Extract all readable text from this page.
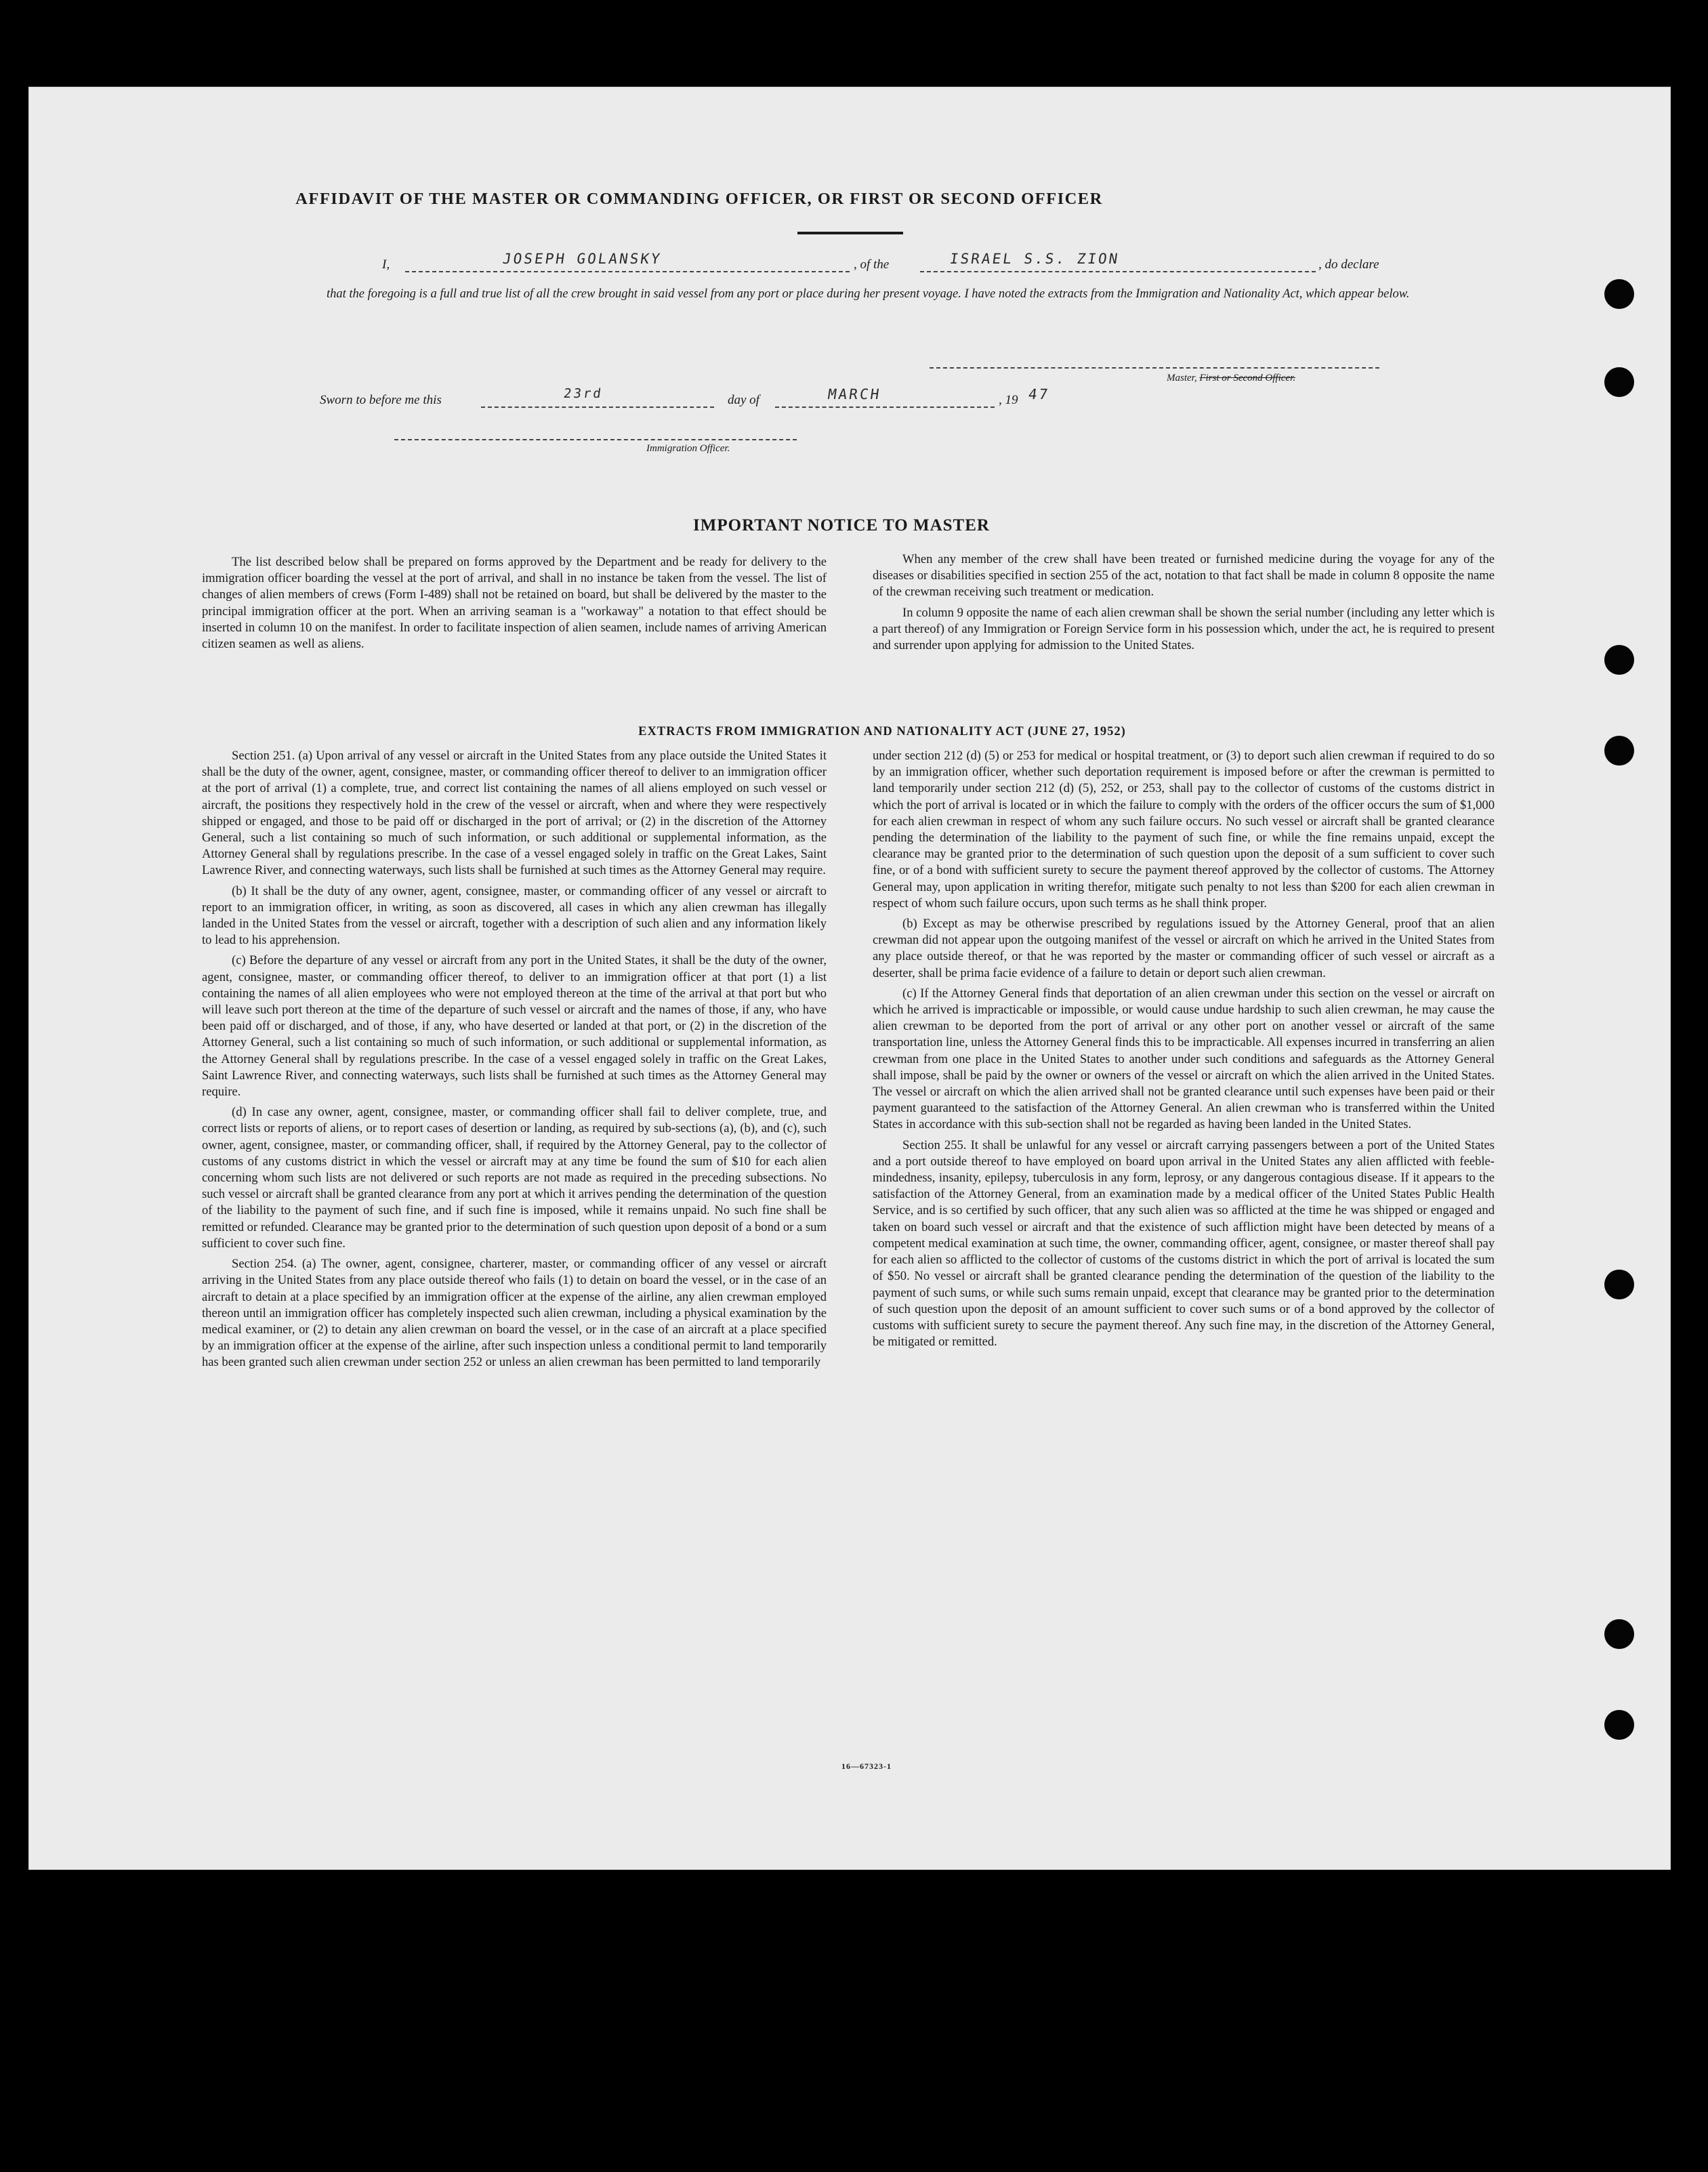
AFFIDAVIT OF THE MASTER OR COMMANDING OFFICER, OR FIRST OR SECOND OFFICER
I,	JOSEPH GOLANSKY	, of the	ISRAEL S.S. ZION	, do declare
that the foregoing is a full and true list of all the crew brought in said vessel from any port or place during her present voyage. I have noted the extracts from the Immigration and Nationality Act, which appear below.
Master, First or Second Officer.
Sworn to before me this	23rd	day of	MARCH	, 19 47
Immigration Officer.
IMPORTANT NOTICE TO MASTER

The list described below shall be prepared on forms approved by the Department and be ready for delivery to the immigration officer boarding the vessel at the port of arrival, and shall in no instance be taken from the vessel. The list of changes of alien members of crews (Form I-489) shall not be retained on board, but shall be delivered by the master to the principal immigration officer at the port. When an arriving seaman is a "workaway" a notation to that effect should be inserted in column 10 on the manifest. In order to facilitate inspection of alien seamen, include names of arriving American citizen seamen as well as aliens.

When any member of the crew shall have been treated or furnished medicine during the voyage for any of the diseases or disabilities specified in section 255 of the act, notation to that fact shall be made in column 8 opposite the name of the crewman receiving such treatment or medication.

In column 9 opposite the name of each alien crewman shall be shown the serial number (including any letter which is a part thereof) of any Immigration or Foreign Service form in his possession which, under the act, he is required to present and surrender upon applying for admission to the United States.

EXTRACTS FROM IMMIGRATION AND NATIONALITY ACT (JUNE 27, 1952)

Section 251. (a) Upon arrival of any vessel or aircraft in the United States from any place outside the United States it shall be the duty of the owner, agent, consignee, master, or commanding officer thereof to deliver to an immigration officer at the port of arrival (1) a complete, true, and correct list containing the names of all aliens employed on such vessel or aircraft, the positions they respectively hold in the crew of the vessel or aircraft, when and where they were respectively shipped or engaged, and those to be paid off or discharged in the port of arrival; or (2) in the discretion of the Attorney General, such a list containing so much of such information, or such additional or supplemental information, as the Attorney General shall by regulations prescribe. In the case of a vessel engaged solely in traffic on the Great Lakes, Saint Lawrence River, and connecting waterways, such lists shall be furnished at such times as the Attorney General may require.

(b) It shall be the duty of any owner, agent, consignee, master, or commanding officer of any vessel or aircraft to report to an immigration officer, in writing, as soon as discovered, all cases in which any alien crewman has illegally landed in the United States from the vessel or aircraft, together with a description of such alien and any information likely to lead to his apprehension.

(c) Before the departure of any vessel or aircraft from any port in the United States, it shall be the duty of the owner, agent, consignee, master, or commanding officer thereof, to deliver to an immigration officer at that port (1) a list containing the names of all alien employees who were not employed thereon at the time of the arrival at that port but who will leave such port thereon at the time of the departure of such vessel or aircraft and the names of those, if any, who have been paid off or discharged, and of those, if any, who have deserted or landed at that port, or (2) in the discretion of the Attorney General, such a list containing so much of such information, or such additional or supplemental information, as the Attorney General shall by regulations prescribe. In the case of a vessel engaged solely in traffic on the Great Lakes, Saint Lawrence River, and connecting waterways, such lists shall be furnished at such times as the Attorney General may require.

(d) In case any owner, agent, consignee, master, or commanding officer shall fail to deliver complete, true, and correct lists or reports of aliens, or to report cases of desertion or landing, as required by sub-sections (a), (b), and (c), such owner, agent, consignee, master, or commanding officer, shall, if required by the Attorney General, pay to the collector of customs of any customs district in which the vessel or aircraft may at any time be found the sum of $10 for each alien concerning whom such lists are not delivered or such reports are not made as required in the preceding subsections. No such vessel or aircraft shall be granted clearance from any port at which it arrives pending the determination of the question of the liability to the payment of such fine, and if such fine is imposed, while it remains unpaid. No such fine shall be remitted or refunded. Clearance may be granted prior to the determination of such question upon deposit of a bond or a sum sufficient to cover such fine.

Section 254. (a) The owner, agent, consignee, charterer, master, or commanding officer of any vessel or aircraft arriving in the United States from any place outside thereof who fails (1) to detain on board the vessel, or in the case of an aircraft to detain at a place specified by an immigration officer at the expense of the airline, any alien crewman employed thereon until an immigration officer has completely inspected such alien crewman, including a physical examination by the medical examiner, or (2) to detain any alien crewman on board the vessel, or in the case of an aircraft at a place specified by an immigration officer at the expense of the airline, after such inspection unless a conditional permit to land temporarily has been granted such alien crewman under section 252 or unless an alien crewman has been permitted to land temporarily

under section 212 (d) (5) or 253 for medical or hospital treatment, or (3) to deport such alien crewman if required to do so by an immigration officer, whether such deportation requirement is imposed before or after the crewman is permitted to land temporarily under section 212 (d) (5), 252, or 253, shall pay to the collector of customs of the customs district in which the port of arrival is located or in which the failure to comply with the orders of the officer occurs the sum of $1,000 for each alien crewman in respect of whom any such failure occurs. No such vessel or aircraft shall be granted clearance pending the determination of the liability to the payment of such fine, or while the fine remains unpaid, except the clearance may be granted prior to the determination of such question upon the deposit of a sum sufficient to cover such fine, or of a bond with sufficient surety to secure the payment thereof approved by the collector of customs. The Attorney General may, upon application in writing therefor, mitigate such penalty to not less than $200 for each alien crewman in respect of whom such failure occurs, upon such terms as he shall think proper.

(b) Except as may be otherwise prescribed by regulations issued by the Attorney General, proof that an alien crewman did not appear upon the outgoing manifest of the vessel or aircraft on which he arrived in the United States from any place outside thereof, or that he was reported by the master or commanding officer of such vessel or aircraft as a deserter, shall be prima facie evidence of a failure to detain or deport such alien crewman.

(c) If the Attorney General finds that deportation of an alien crewman under this section on the vessel or aircraft on which he arrived is impracticable or impossible, or would cause undue hardship to such alien crewman, he may cause the alien crewman to be deported from the port of arrival or any other port on another vessel or aircraft of the same transportation line, unless the Attorney General finds this to be impracticable. All expenses incurred in transferring an alien crewman from one place in the United States to another under such conditions and safeguards as the Attorney General shall impose, shall be paid by the owner or owners of the vessel or aircraft on which the alien arrived in the United States. The vessel or aircraft on which the alien arrived shall not be granted clearance until such expenses have been paid or their payment guaranteed to the satisfaction of the Attorney General. An alien crewman who is transferred within the United States in accordance with this sub-section shall not be regarded as having been landed in the United States.

Section 255. It shall be unlawful for any vessel or aircraft carrying passengers between a port of the United States and a port outside thereof to have employed on board upon arrival in the United States any alien afflicted with feeble-mindedness, insanity, epilepsy, tuberculosis in any form, leprosy, or any dangerous contagious disease. If it appears to the satisfaction of the Attorney General, from an examination made by a medical officer of the United States Public Health Service, and is so certified by such officer, that any such alien was so afflicted at the time he was shipped or engaged and taken on board such vessel or aircraft and that the existence of such affliction might have been detected by means of a competent medical examination at such time, the owner, commanding officer, agent, consignee, or master thereof shall pay for each alien so afflicted to the collector of customs of the customs district in which the port of arrival is located the sum of $50. No vessel or aircraft shall be granted clearance pending the determination of the question of the liability to the payment of such sums, or while such sums remain unpaid, except that clearance may be granted prior to the determination of such question upon the deposit of an amount sufficient to cover such sums or of a bond approved by the collector of customs with sufficient surety to secure the payment thereof. Any such fine may, in the discretion of the Attorney General, be mitigated or remitted.

16—67323-1
